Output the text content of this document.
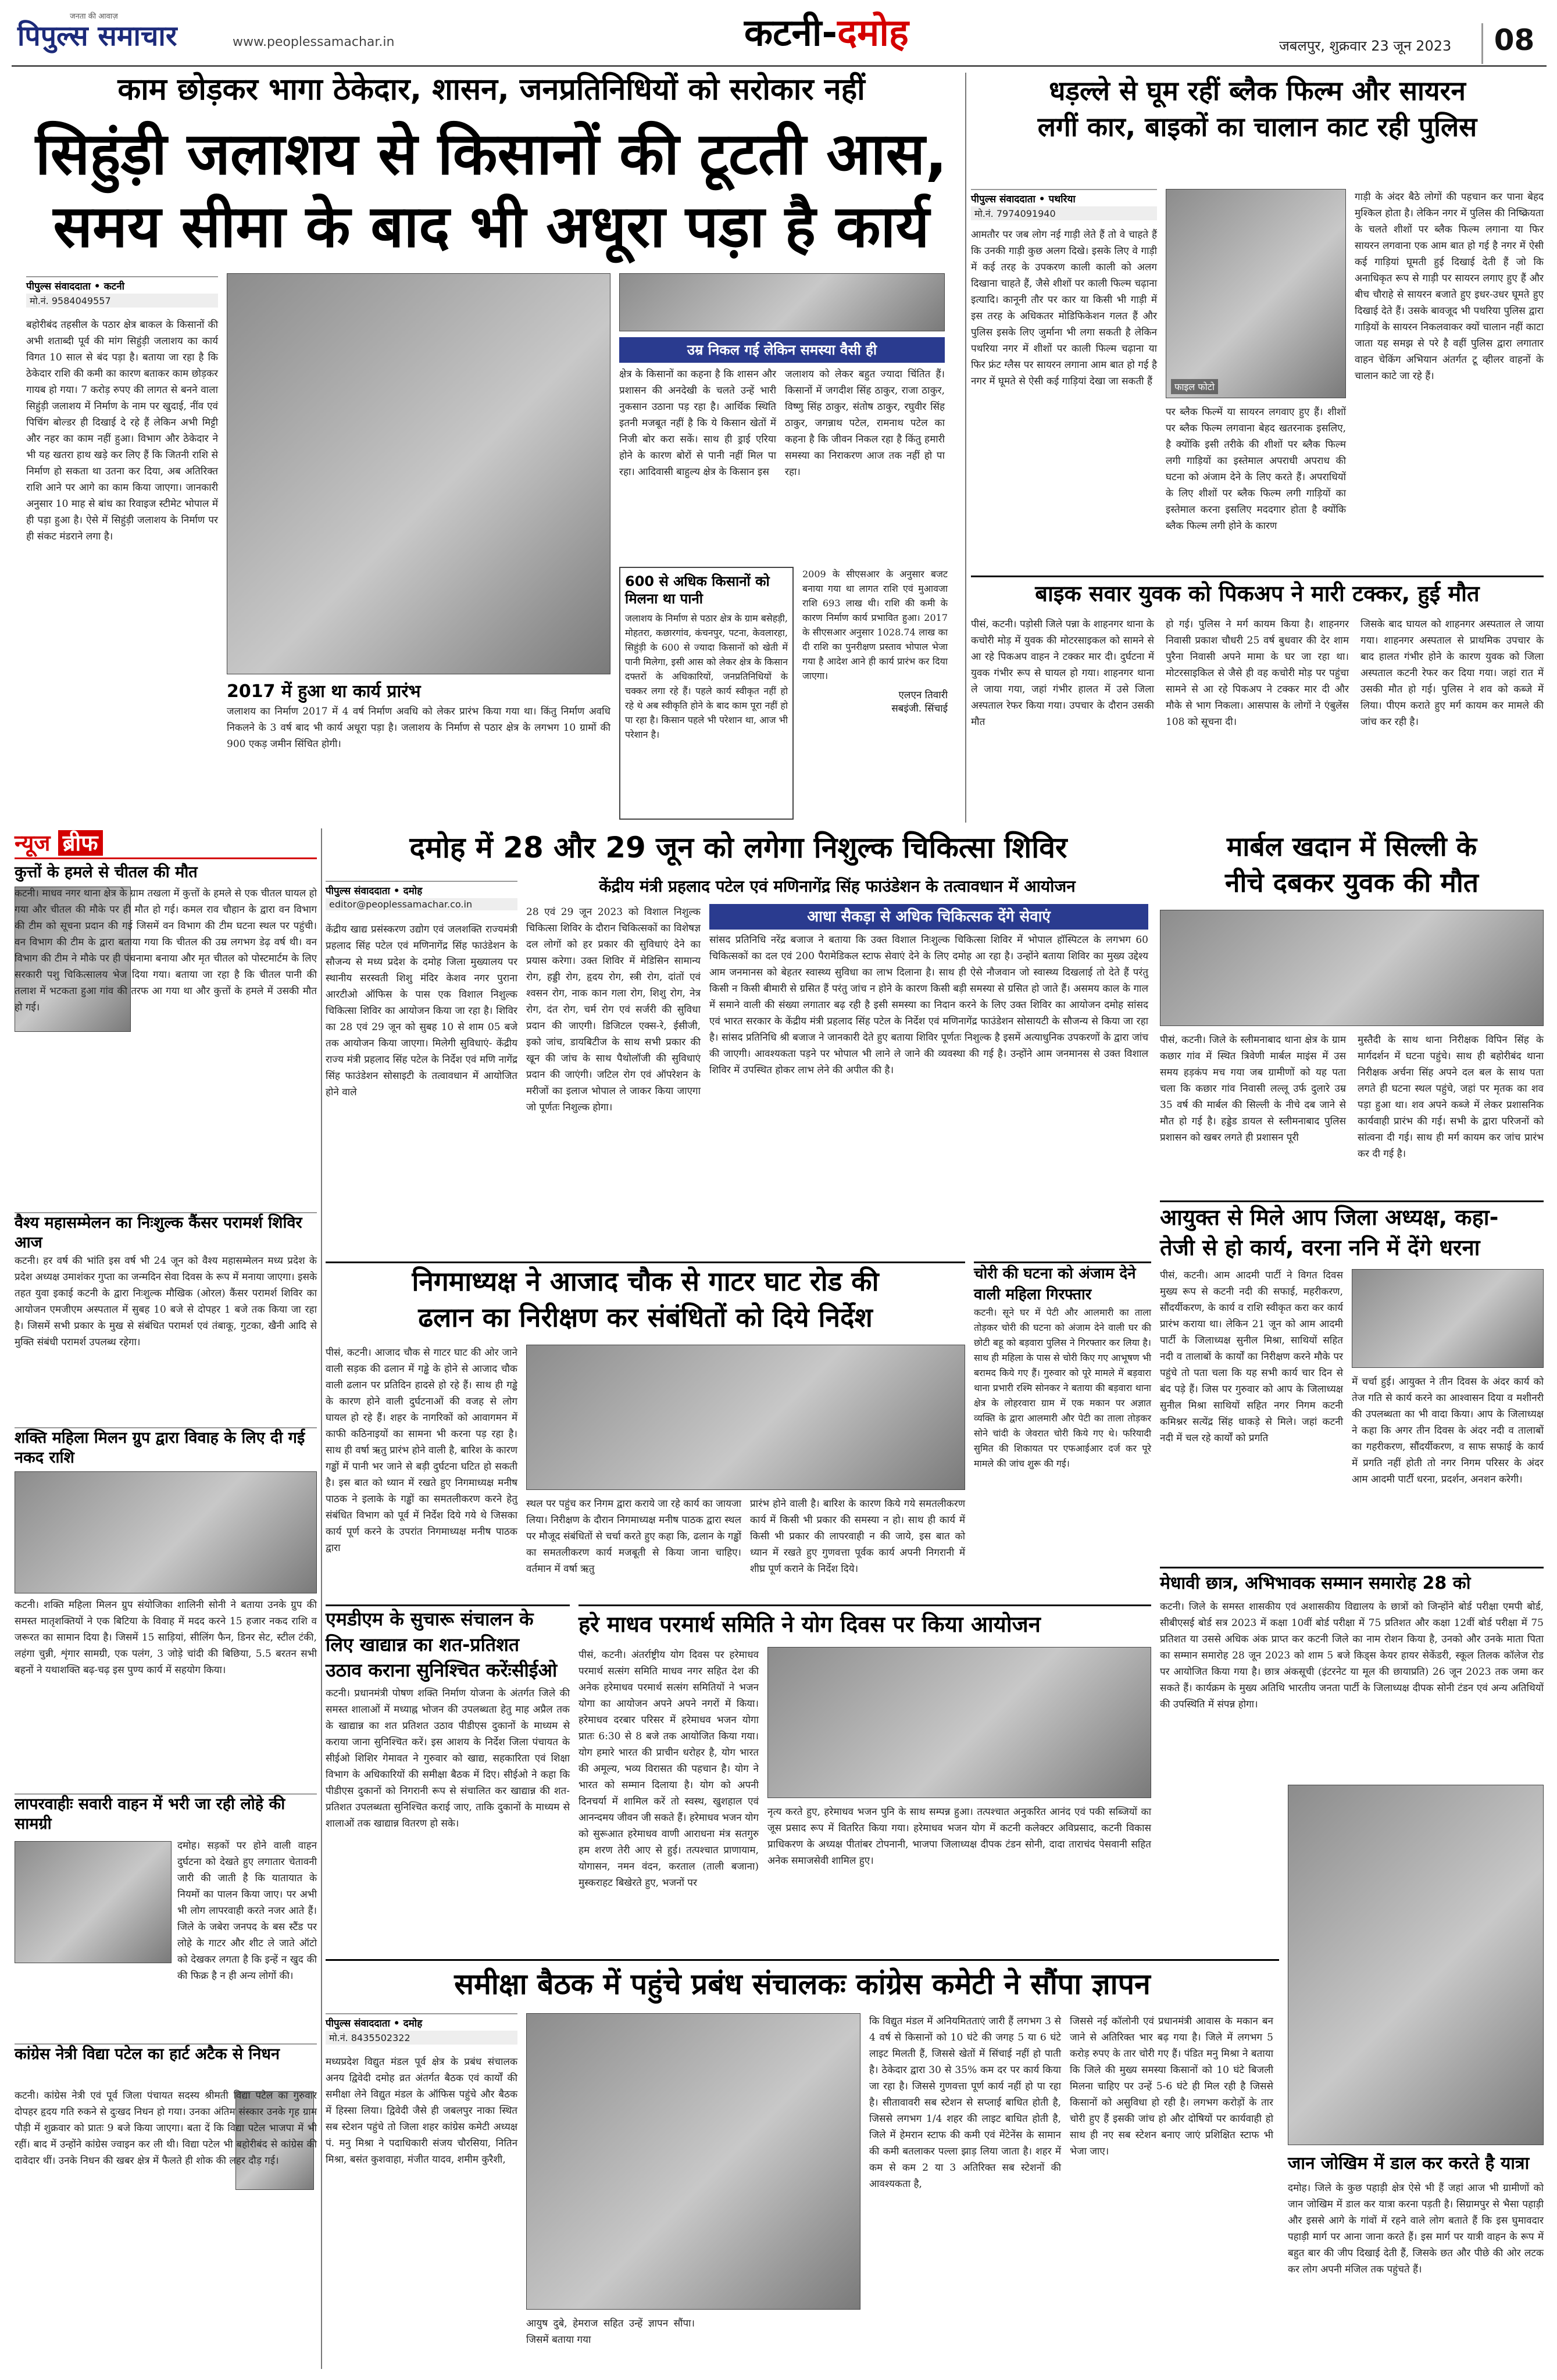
जनता की आवाज़
पिपुल्स समाचार	www.peoplessamachar.in	कटनी-दमोह	जबलपुर, शुक्रवार 23 जून 2023	08
काम छोड़कर भागा ठेकेदार, शासन, जनप्रतिनिधियों को सरोकार नहीं
सिहुंड़ी जलाशय से किसानों की टूटती आस,
समय सीमा के बाद भी अधूरा पड़ा है कार्य
पीपुल्स संवाददाता • कटनी
मो.नं. 9584049557
बहोरीबंद तहसील के पठार क्षेत्र बाकल के किसानों की अभी शताब्दी पूर्व की मांग सिहुंड़ी जलाशय का कार्य विगत 10 साल से बंद पड़ा है। बताया जा रहा है कि ठेकेदार राशि की कमी का कारण बताकर काम छोड़कर गायब हो गया। 7 करोड़ रुपए की लागत से बनने वाला सिहुंड़ी जलाशय में निर्माण के नाम पर खुदाई, नींव एवं पिचिंग बोल्डर ही दिखाई दे रहे हैं लेकिन अभी मिट्टी और नहर का काम नहीं हुआ। विभाग और ठेकेदार ने भी यह खतरा हाथ खड़े कर लिए हैं कि जितनी राशि से निर्माण हो सकता था उतना कर दिया, अब अतिरिक्त राशि आने पर आगे का काम किया जाएगा। जानकारी अनुसार 10 माह से बांध का रिवाइज स्टीमेट भोपाल में ही पड़ा हुआ है। ऐसे में सिहुंड़ी जलाशय के निर्माण पर ही संकट मंडराने लगा है।
उम्र निकल गई लेकिन समस्या वैसी ही
क्षेत्र के किसानों का कहना है कि शासन और प्रशासन की अनदेखी के चलते उन्हें भारी नुकसान उठाना पड़ रहा है। आर्थिक स्थिति इतनी मजबूत नहीं है कि ये किसान खेतों में निजी बोर करा सकें। साथ ही ड्राई एरिया होने के कारण बोरों से पानी नहीं मिल पा रहा। आदिवासी बाहुल्य क्षेत्र के किसान इस
जलाशय को लेकर बहुत ज्यादा चिंतित हैं। किसानों में जगदीश सिंह ठाकुर, राजा ठाकुर, विष्णु सिंह ठाकुर, संतोष ठाकुर, रघुवीर सिंह ठाकुर, जगन्नाथ पटेल, रामनाथ पटेल का कहना है कि जीवन निकल रहा है किंतु हमारी समस्या का निराकरण आज तक नहीं हो पा रहा।
2017 में हुआ था कार्य प्रारंभ
जलाशय का निर्माण 2017 में 4 वर्ष निर्माण अवधि को लेकर प्रारंभ किया गया था। किंतु निर्माण अवधि निकलने के 3 वर्ष बाद भी कार्य अधूरा पड़ा है। जलाशय के निर्माण से पठार क्षेत्र के लगभग 10 ग्रामों की 900 एकड़ जमीन सिंचित होगी।
600 से अधिक किसानों को मिलना था पानी
जलाशय के निर्माण से पठार क्षेत्र के ग्राम बसेहड़ी, मोहतरा, कछारगांव, कंचनपुर, पटना, केवलारहा, सिहुंड़ी के 600 से ज्यादा किसानों को खेती में पानी मिलेगा, इसी आस को लेकर क्षेत्र के किसान दफ्तरों के अधिकारियों, जनप्रतिनिधियों के चक्कर लगा रहे हैं। पहले कार्य स्वीकृत नहीं हो रहे थे अब स्वीकृति होने के बाद काम पूरा नहीं हो पा रहा है। किसान पहले भी परेशान था, आज भी परेशान है।
2009 के सीएसआर के अनुसार बजट बनाया गया था लागत राशि एवं मुआवजा राशि 693 लाख थी। राशि की कमी के कारण निर्माण कार्य प्रभावित हुआ। 2017 के सीएसआर अनुसार 1028.74 लाख का दी राशि का पुनरीक्षण प्रस्ताव भोपाल भेजा गया है आदेश आने ही कार्य प्रारंभ कर दिया जाएगा।
एलएन तिवारी
सबइंजी. सिंचाई
धड़ल्ले से घूम रहीं ब्लैक फिल्म और सायरन
लगीं कार, बाइकों का चालान काट रही पुलिस
पीपुल्स संवाददाता • पथरिया
मो.नं. 7974091940
आमतौर पर जब लोग नई गाड़ी लेते हैं तो वे चाहते हैं कि उनकी गाड़ी कुछ अलग दिखे। इसके लिए वे गाड़ी में कई तरह के उपकरण काली काली को अलग दिखाना चाहते हैं, जैसे शीशों पर काली फिल्म चढ़ाना इत्यादि। कानूनी तौर पर कार या किसी भी गाड़ी में इस तरह के अधिकतर मोडिफिकेशन गलत हैं और पुलिस इसके लिए जुर्माना भी लगा सकती है लेकिन पथरिया नगर में शीशों पर काली फिल्म चढ़ाना या फिर फ्रंट ग्लैस पर सायरन लगाना आम बात हो गई है नगर में घूमते से ऐसी कई गाड़ियां देखा जा सकती हैं	फाइल फोटो
पर ब्लैक फिल्में या सायरन लगवाए हुए हैं। शीशों पर ब्लैक फिल्म लगवाना बेहद खतरनाक इसलिए, है क्योंकि इसी तरीके की शीशों पर ब्लैक फिल्म लगी गाड़ियों का इस्तेमाल अपराधी अपराध की घटना को अंजाम देने के लिए करते हैं। अपराधियों के लिए शीशों पर ब्लैक फिल्म लगी गाड़ियों का इस्तेमाल करना इसलिए मददगार होता है क्योंकि ब्लैक फिल्म लगी होने के कारण
गाड़ी के अंदर बैठे लोगों की पहचान कर पाना बेहद मुश्किल होता है। लेकिन नगर में पुलिस की निष्क्रियता के चलते शीशों पर ब्लैक फिल्म लगाना या फिर सायरन लगवाना एक आम बात हो गई है नगर में ऐसी कई गाड़ियां घूमती हुई दिखाई देती हैं जो कि अनाधिकृत रूप से गाड़ी पर सायरन लगाए हुए हैं और बीच चौराहे से सायरन बजाते हुए इधर-उधर घूमते हुए दिखाई देते हैं। उसके बावजूद भी पथरिया पुलिस द्वारा गाड़ियों के सायरन निकलवाकर क्यों चालान नहीं काटा जाता यह समझ से परे है वहीं पुलिस द्वारा लगातार वाहन चेकिंग अभियान अंतर्गत टू व्हीलर वाहनों के चालान काटे जा रहे हैं।
बाइक सवार युवक को पिकअप ने मारी टक्कर, हुई मौत
पीसं, कटनी। पड़ोसी जिले पन्ना के शाहनगर थाना के कचोरी मोड़ में युवक की मोटरसाइकल को सामने से आ रहे पिकअप वाहन ने टक्कर मार दी। दुर्घटना में युवक गंभीर रूप से घायल हो गया। शाहनगर थाना ले जाया गया, जहां गंभीर हालत में उसे जिला अस्पताल रेफर किया गया। उपचार के दौरान उसकी मौत
हो गई। पुलिस ने मर्ग कायम किया है। शाहनगर निवासी प्रकाश चौधरी 25 वर्ष बुधवार की देर शाम पुरैना निवासी अपने मामा के घर जा रहा था। मोटरसाइकिल से जैसे ही वह कचोरी मोड़ पर पहुंचा सामने से आ रहे पिकअप ने टक्कर मार दी और मौके से भाग निकला। आसपास के लोगों ने एंबुलेंस 108 को सूचना दी।
जिसके बाद घायल को शाहनगर अस्पताल ले जाया गया। शाहनगर अस्पताल से प्राथमिक उपचार के बाद हालत गंभीर होने के कारण युवक को जिला अस्पताल कटनी रेफर कर दिया गया। जहां रात में उसकी मौत हो गई। पुलिस ने शव को कब्जे में लिया। पीएम कराते हुए मर्ग कायम कर मामले की जांच कर रही है।
न्यूज ब्रीफ
कुत्तों के हमले से चीतल की मौत
कटनी। माधव नगर थाना क्षेत्र के ग्राम तखला में कुत्तों के हमले से एक चीतल घायल हो गया और चीतल की मौके पर ही मौत हो गई। कमल राव चौहान के द्वारा वन विभाग की टीम को सूचना प्रदान की गई जिसमें वन विभाग की टीम घटना स्थल पर पहुंची। वन विभाग की टीम के द्वारा बताया गया कि चीतल की उम्र लगभग डेढ़ वर्ष थी। वन विभाग की टीम ने मौके पर ही पंचनामा बनाया और मृत चीतल को पोस्टमार्टम के लिए सरकारी पशु चिकित्सालय भेज दिया गया। बताया जा रहा है कि चीतल पानी की तलाश में भटकता हुआ गांव की तरफ आ गया था और कुत्तों के हमले में उसकी मौत हो गई।
वैश्य महासम्मेलन का निःशुल्क कैंसर परामर्श शिविर आज
कटनी। हर वर्ष की भांति इस वर्ष भी 24 जून को वैश्य महासम्मेलन मध्य प्रदेश के प्रदेश अध्यक्ष उमाशंकर गुप्ता का जन्मदिन सेवा दिवस के रूप में मनाया जाएगा। इसके तहत युवा इकाई कटनी के द्वारा निःशुल्क मौखिक (ओरल) कैंसर परामर्श शिविर का आयोजन एमजीएम अस्पताल में सुबह 10 बजे से दोपहर 1 बजे तक किया जा रहा है। जिसमें सभी प्रकार के मुख से संबंधित परामर्श एवं तंबाकू, गुटका, खैनी आदि से मुक्ति संबंधी परामर्श उपलब्ध रहेगा।
शक्ति महिला मिलन ग्रुप द्वारा विवाह के लिए दी गई नकद राशि
कटनी। शक्ति महिला मिलन ग्रुप संयोजिका शालिनी सोनी ने बताया उनके ग्रुप की समस्त मातृशक्तियों ने एक बिटिया के विवाह में मदद करने 15 हजार नकद राशि व जरूरत का सामान दिया है। जिसमें 15 साड़ियां, सीलिंग फैन, डिनर सेट, स्टील टंकी, लहंगा चुन्नी, शृंगार सामग्री, एक पलंग, 3 जोड़े चांदी की बिछिया, 5.5 बरतन सभी बहनों ने यथाशक्ति बढ़-चढ़ इस पुण्य कार्य में सहयोग किया।
लापरवाहीः सवारी वाहन में भरी जा रही लोहे की सामग्री
दमोह। सड़कों पर होने वाली वाहन दुर्घटना को देखते हुए लगातार चेतावनी जारी की जाती है कि यातायात के नियमों का पालन किया जाए। पर अभी भी लोग लापरवाही करते नजर आते हैं। जिले के जबेरा जनपद के बस स्टैंड पर लोहे के गाटर और शीट ले जाते ऑटो को देखकर लगता है कि इन्हें न खुद की की फिक्र है न ही अन्य लोगों की।
कांग्रेस नेत्री विद्या पटेल का हार्ट अटैक से निधन
कटनी। कांग्रेस नेत्री एवं पूर्व जिला पंचायत सदस्य श्रीमती विद्या पटेल का गुरुवार दोपहर हृदय गति रुकने से दुःखद निधन हो गया। उनका अंतिम संस्कार उनके गृह ग्राम पौड़ी में शुक्रवार को प्रातः 9 बजे किया जाएगा। बता दें कि विद्या पटेल भाजपा में भी रहीं। बाद में उन्होंने कांग्रेस ज्वाइन कर ली थी। विद्या पटेल भी बहोरीबंद से कांग्रेस की दावेदार थीं। उनके निधन की खबर क्षेत्र में फैलते ही शोक की लहर दौड़ गई।
दमोह में 28 और 29 जून को लगेगा निशुल्क चिकित्सा शिविर
पीपुल्स संवाददाता • दमोह
editor@peoplessamachar.co.in
केंद्रीय मंत्री प्रहलाद पटेल एवं मणिनागेंद्र सिंह फाउंडेशन के तत्वावधान में आयोजन
केंद्रीय खाद्य प्रसंस्करण उद्योग एवं जलशक्ति राज्यमंत्री प्रहलाद सिंह पटेल एवं मणिनागेंद्र सिंह फाउंडेशन के सौजन्य से मध्य प्रदेश के दमोह जिला मुख्यालय पर स्थानीय सरस्वती शिशु मंदिर केशव नगर पुराना आरटीओ ऑफिस के पास एक विशाल निशुल्क चिकित्सा शिविर का आयोजन किया जा रहा है। शिविर का 28 एवं 29 जून को सुबह 10 से शाम 05 बजे तक आयोजन किया जाएगा। मिलेगी सुविधाएं- केंद्रीय राज्य मंत्री प्रहलाद सिंह पटेल के निर्देश एवं मणि नागेंद्र सिंह फाउंडेशन सोसाइटी के तत्वावधान में आयोजित होने वाले
28 एवं 29 जून 2023 को विशाल निशुल्क चिकित्सा शिविर के दौरान चिकित्सकों का विशेषज्ञ दल लोगों को हर प्रकार की सुविधाएं देने का प्रयास करेगा। उक्त शिविर में मेडिसिन सामान्य रोग, हड्डी रोग, हृदय रोग, स्त्री रोग, दांतों एवं श्वसन रोग, नाक कान गला रोग, शिशु रोग, नेत्र रोग, दंत रोग, चर्म रोग एवं सर्जरी की सुविधा प्रदान की जाएगी। डिजिटल एक्स-रे, ईसीजी, इको जांच, डायबिटीज के साथ सभी प्रकार की खून की जांच के साथ पैथोलॉजी की सुविधाएं प्रदान की जाएंगी। जटिल रोग एवं ऑपरेशन के मरीजों का इलाज भोपाल ले जाकर किया जाएगा जो पूर्णतः निशुल्क होगा।
आधा सैकड़ा से अधिक चिकित्सक देंगे सेवाएं
सांसद प्रतिनिधि नरेंद्र बजाज ने बताया कि उक्त विशाल निःशुल्क चिकित्सा शिविर में भोपाल हॉस्पिटल के लगभग 60 चिकित्सकों का दल एवं 200 पैरामेडिकल स्टाफ सेवाएं देने के लिए दमोह आ रहा है। उन्होंने बताया शिविर का मुख्य उद्देश्य आम जनमानस को बेहतर स्वास्थ्य सुविधा का लाभ दिलाना है। साथ ही ऐसे नौजवान जो स्वास्थ्य दिखलाई तो देते हैं परंतु किसी न किसी बीमारी से ग्रसित हैं परंतु जांच न होने के कारण किसी बड़ी समस्या से ग्रसित हो जाते हैं। असमय काल के गाल में समाने वाली की संख्या लगातार बढ़ रही है इसी समस्या का निदान करने के लिए उक्त शिविर का आयोजन दमोह सांसद एवं भारत सरकार के केंद्रीय मंत्री प्रहलाद सिंह पटेल के निर्देश एवं मणिनागेंद्र फाउंडेशन सोसायटी के सौजन्य से किया जा रहा है। सांसद प्रतिनिधि श्री बजाज ने जानकारी देते हुए बताया शिविर पूर्णतः निशुल्क है इसमें अत्याधुनिक उपकरणों के द्वारा जांच की जाएगी। आवश्यकता पड़ने पर भोपाल भी लाने ले जाने की व्यवस्था की गई है। उन्होंने आम जनमानस से उक्त विशाल शिविर में उपस्थित होकर लाभ लेने की अपील की है।
मार्बल खदान में सिल्ली के
नीचे दबकर युवक की मौत
पीसं, कटनी। जिले के स्लीमनाबाद थाना क्षेत्र के ग्राम कछार गांव में स्थित त्रिवेणी मार्बल माइंस में उस समय हड़कंप मच गया जब ग्रामीणों को यह पता चला कि कछार गांव निवासी लल्लू उर्फ दुलारे उम्र 35 वर्ष की मार्बल की सिल्ली के नीचे दब जाने से मौत हो गई है। हड्डेड डायल से स्लीमनाबाद पुलिस प्रशासन को खबर लगते ही प्रशासन पूरी
मुस्तैदी के साथ थाना निरीक्षक विपिन सिंह के मार्गदर्शन में घटना पहुंचे। साथ ही बहोरीबंद थाना निरीक्षक अर्चना सिंह अपने दल बल के साथ पता लगते ही घटना स्थल पहुंचे, जहां पर मृतक का शव पड़ा हुआ था। शव अपने कब्जे में लेकर प्रशासनिक कार्यवाही प्रारंभ की गई। सभी के द्वारा परिजनों को सांत्वना दी गई। साथ ही मर्ग कायम कर जांच प्रारंभ कर दी गई है।
आयुक्त से मिले आप जिला अध्यक्ष, कहा-
तेजी से हो कार्य, वरना ननि में देंगे धरना
पीसं, कटनी। आम आदमी पार्टी ने विगत दिवस मुख्य रूप से कटनी नदी की सफाई, महरीकरण, सौंदर्यीकरण, के कार्य व राशि स्वीकृत करा कर कार्य प्रारंभ कराया था। लेकिन 21 जून को आम आदमी पार्टी के जिलाध्यक्ष सुनील मिश्रा, साथियों सहित नदी व तालाबों के कार्यों का निरीक्षण करने मौके पर पहुंचे तो पता चला कि यह सभी कार्य चार दिन से बंद पड़े हैं। जिस पर गुरुवार को आप के जिलाध्यक्ष सुनील मिश्रा साथियों सहित नगर निगम कटनी कमिश्नर सत्येंद्र सिंह धाकड़े से मिले। जहां कटनी नदी में चल रहे कार्यों को प्रगति
में चर्चा हुई। आयुक्त ने तीन दिवस के अंदर कार्य को तेज गति से कार्य करने का आश्वासन दिया व मशीनरी की उपलब्धता का भी वादा किया। आप के जिलाध्यक्ष ने कहा कि अगर तीन दिवस के अंदर नदी व तालाबों का गहरीकरण, सौंदर्यीकरण, व साफ सफाई के कार्य में प्रगति नहीं होती तो नगर निगम परिसर के अंदर आम आदमी पार्टी धरना, प्रदर्शन, अनशन करेगी।
मेधावी छात्र, अभिभावक सम्मान समारोह 28 को
कटनी। जिले के समस्त शासकीय एवं अशासकीय विद्यालय के छात्रों को जिन्होंने बोर्ड परीक्षा एमपी बोर्ड, सीबीएसई बोर्ड सत्र 2023 में कक्षा 10वीं बोर्ड परीक्षा में 75 प्रतिशत और कक्षा 12वीं बोर्ड परीक्षा में 75 प्रतिशत या उससे अधिक अंक प्राप्त कर कटनी जिले का नाम रोशन किया है, उनको और उनके माता पिता का सम्मान समारोह 28 जून 2023 को शाम 5 बजे किड्स केयर हायर सेकेंडरी, स्कूल तिलक कॉलेज रोड पर आयोजित किया गया है। छात्र अंकसूची (इंटरनेट या मूल की छायाप्रति) 26 जून 2023 तक जमा कर सकते हैं। कार्यक्रम के मुख्य अतिथि भारतीय जनता पार्टी के जिलाध्यक्ष दीपक सोनी टंडन एवं अन्य अतिथियों की उपस्थिति में संपन्न होगा।
निगमाध्यक्ष ने आजाद चौक से गाटर घाट रोड की
ढलान का निरीक्षण कर संबंधितों को दिये निर्देश
पीसं, कटनी। आजाद चौक से गाटर घाट की ओर जाने वाली सड़क की ढलान में गड्ढे के होने से आजाद चौक वाली ढलान पर प्रतिदिन हादसे हो रहे हैं। साथ ही गड्ढे के कारण होने वाली दुर्घटनाओं की वजह से लोग घायल हो रहे हैं। शहर के नागरिकों को आवागमन में काफी कठिनाइयों का सामना भी करना पड़ रहा है। साथ ही वर्षा ऋतु प्रारंभ होने वाली है, बारिश के कारण गड्ढों में पानी भर जाने से बड़ी दुर्घटना घटित हो सकती है। इस बात को ध्यान में रखते हुए निगमाध्यक्ष मनीष पाठक ने इलाके के गड्ढों का समतलीकरण करने हेतु संबंधित विभाग को पूर्व में निर्देश दिये गये थे जिसका कार्य पूर्ण करने के उपरांत निगमाध्यक्ष मनीष पाठक द्वारा
स्थल पर पहुंच कर निगम द्वारा कराये जा रहे कार्य का जायजा लिया। निरीक्षण के दौरान निगमाध्यक्ष मनीष पाठक द्वारा स्थल पर मौजूद संबंधितों से चर्चा करते हुए कहा कि, ढलान के गड्ढों का समतलीकरण कार्य मजबूती से किया जाना चाहिए। वर्तमान में वर्षा ऋतु
प्रारंभ होने वाली है। बारिश के कारण किये गये समतलीकरण कार्य में किसी भी प्रकार की समस्या न हो। साथ ही कार्य में किसी भी प्रकार की लापरवाही न की जाये, इस बात को ध्यान में रखते हुए गुणवत्ता पूर्वक कार्य अपनी निगरानी में शीघ्र पूर्ण कराने के निर्देश दिये।
चोरी की घटना को अंजाम देने वाली महिला गिरफ्तार
कटनी। सूने घर में पेटी और आलमारी का ताला तोड़कर चोरी की घटना को अंजाम देने वाली घर की छोटी बहू को बड़वारा पुलिस ने गिरफ्तार कर लिया है। साथ ही महिला के पास से चोरी किए गए आभूषण भी बरामद किये गए हैं। गुरुवार को पूरे मामले में बड़वारा थाना प्रभारी रश्मि सोनकर ने बताया की बड़वारा थाना क्षेत्र के लोहरवारा ग्राम में एक मकान पर अज्ञात व्यक्ति के द्वारा आलमारी और पेटी का ताला तोड़कर सोने चांदी के जेवरात चोरी किये गए थे। फरियादी सुमित की शिकायत पर एफआईआर दर्ज कर पूरे मामले की जांच शुरू की गई।
एमडीएम के सुचारू संचालन के
लिए खाद्यान्न का शत-प्रतिशत
उठाव कराना सुनिश्चित करेंःसीईओ
कटनी। प्रधानमंत्री पोषण शक्ति निर्माण योजना के अंतर्गत जिले की समस्त शालाओं में मध्याह्न भोजन की उपलब्धता हेतु माह अप्रैल तक के खाद्यान्न का शत प्रतिशत उठाव पीडीएस दुकानों के माध्यम से कराया जाना सुनिश्चित करें। इस आशय के निर्देश जिला पंचायत के सीईओ शिशिर गेमावत ने गुरुवार को खाद्य, सहकारिता एवं शिक्षा विभाग के अधिकारियों की समीक्षा बैठक में दिए। सीईओ ने कहा कि पीडीएस दुकानों को निगरानी रूप से संचालित कर खाद्यान्न की शत-प्रतिशत उपलब्धता सुनिश्चित कराई जाए, ताकि दुकानों के माध्यम से शालाओं तक खाद्यान्न वितरण हो सके।
हरे माधव परमार्थ समिति ने योग दिवस पर किया आयोजन
पीसं, कटनी। अंतर्राष्ट्रीय योग दिवस पर हरेमाधव परमार्थ सत्संग समिति माधव नगर सहित देश की अनेक हरेमाधव परमार्थ सत्संग समितियों ने भजन योगा का आयोजन अपने अपने नगरों में किया। हरेमाधव दरबार परिसर में हरेमाधव भजन योगा प्रातः 6:30 से 8 बजे तक आयोजित किया गया। योग हमारे भारत की प्राचीन धरोहर है, योग भारत की अमूल्य, भव्य विरासत की पहचान है। योग ने भारत को सम्मान दिलाया है। योग को अपनी दिनचर्या में शामिल करें तो स्वस्थ, खुशहाल एवं आनन्दमय जीवन जी सकते हैं। हरेमाधव भजन योग को सुरूआत हरेमाधव वाणी आराधना मंत्र सतगुरु हम शरण तेरी आए से हुई। तत्पश्चात प्राणायाम, योगासन, नमन वंदन, करताल (ताली बजाना) मुस्कराहट बिखेरते हुए, भजनों पर
नृत्य करते हुए, हरेमाधव भजन पुनि के साथ सम्पन्न हुआ। तत्पश्चात अनुकरित आनंद एवं पकी सब्जियों का जूस प्रसाद रूप में वितरित किया गया। हरेमाधव भजन योग में कटनी कलेक्टर अविप्रसाद, कटनी विकास प्राधिकरण के अध्यक्ष पीतांबर टोपनानी, भाजपा जिलाध्यक्ष दीपक टंडन सोनी, दादा ताराचंद पेसवानी सहित अनेक समाजसेवी शामिल हुए।
समीक्षा बैठक में पहुंचे प्रबंध संचालकः कांग्रेस कमेटी ने सौंपा ज्ञापन
पीपुल्स संवाददाता • दमोह
मो.नं. 8435502322
मध्यप्रदेश विद्युत मंडल पूर्व क्षेत्र के प्रबंध संचालक अनय द्विवेदी दमोह व्रत अंतर्गत बैठक एवं कार्यों की समीक्षा लेने विद्युत मंडल के ऑफिस पहुंचे और बैठक में हिस्सा लिया। द्विवेदी जैसे ही जबलपुर नाका स्थित सब स्टेशन पहुंचे तो जिला शहर कांग्रेस कमेटी अध्यक्ष पं. मनु मिश्रा ने पदाधिकारी संजय चौरसिया, नितिन मिश्रा, बसंत कुशवाहा, मंजीत यादव, शमीम कुरैशी,
आयुष दुबे, हेमराज सहित उन्हें ज्ञापन सौंपा। जिसमें बताया गया
कि विद्युत मंडल में अनियमितताएं जारी हैं लगभग 3 से 4 वर्ष से किसानों को 10 घंटे की जगह 5 या 6 घंटे लाइट मिलती हैं, जिससे खेतों में सिंचाई नहीं हो पाती है। ठेकेदार द्वारा 30 से 35% कम दर पर कार्य किया जा रहा है। जिससे गुणवत्ता पूर्ण कार्य नहीं हो पा रहा है। सीतावावरी सब स्टेशन से सप्लाई बाधित होती है, जिससे लगभग 1/4 शहर की लाइट बाधित होती है, जिले में हेमरान स्टाफ की कमी एवं मेंटेनेंस के सामान की कमी बतलाकर पल्ला झाड़ लिया जाता है। शहर में कम से कम 2 या 3 अतिरिक्त सब स्टेशनों की आवश्यकता है,
जिससे नई कॉलोनी एवं प्रधानमंत्री आवास के मकान बन जाने से अतिरिक्त भार बढ़ गया है। जिले में लगभग 5 करोड़ रुपए के तार चोरी गए हैं। पंडित मनु मिश्रा ने बताया कि जिले की मुख्य समस्या किसानों को 10 घंटे बिजली मिलना चाहिए पर उन्हें 5-6 घंटे ही मिल रही है जिससे किसानों को असुविधा हो रही है। लगभग करोड़ों के तार चोरी हुए हैं इसकी जांच हो और दोषियों पर कार्यवाही हो साथ ही नए सब स्टेशन बनाए जाएं प्रशिक्षित स्टाफ भी भेजा जाए।
जान जोखिम में डाल कर करते है यात्रा
दमोह। जिले के कुछ पहाड़ी क्षेत्र ऐसे भी हैं जहां आज भी ग्रामीणों को जान जोखिम में डाल कर यात्रा करना पड़ती है। सिग्रामपुर से भैसा पहाड़ी और इससे आगे के गांवों में रहने वाले लोग बताते हैं कि इस घुमावदार पहाड़ी मार्ग पर आना जाना करते हैं। इस मार्ग पर यात्री वाहन के रूप में बहुत बार की जीप दिखाई देती हैं, जिसके छत और पीछे की ओर लटक कर लोग अपनी मंजिल तक पहुंचते हैं।
